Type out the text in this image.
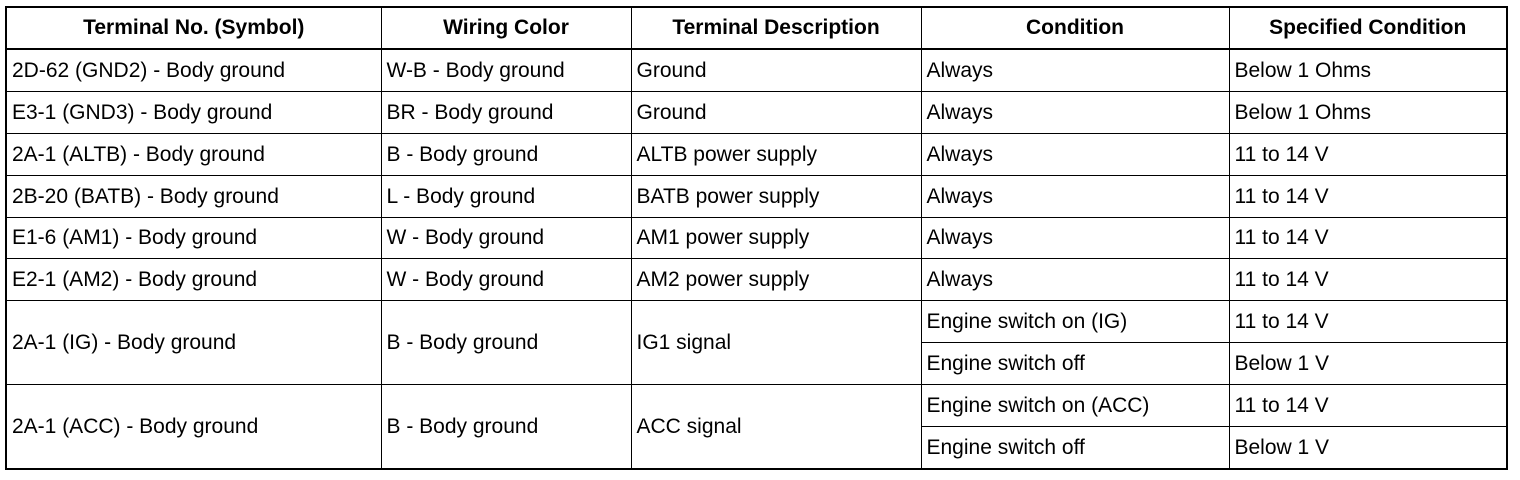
Terminal No. (Symbol)	Wiring Color	Terminal Description	Condition	Specified Condition
2D-62 (GND2) - Body ground	W-B - Body ground	Ground	Always	Below 1 Ohms
E3-1 (GND3) - Body ground	BR - Body ground	Ground	Always	Below 1 Ohms
2A-1 (ALTB) - Body ground	B - Body ground	ALTB power supply	Always	11 to 14 V
2B-20 (BATB) - Body ground	L - Body ground	BATB power supply	Always	11 to 14 V
E1-6 (AM1) - Body ground	W - Body ground	AM1 power supply	Always	11 to 14 V
E2-1 (AM2) - Body ground	W - Body ground	AM2 power supply	Always	11 to 14 V
2A-1 (IG) - Body ground	B - Body ground	IG1 signal	Engine switch on (IG)	11 to 14 V
			Engine switch off	Below 1 V
2A-1 (ACC) - Body ground	B - Body ground	ACC signal	Engine switch on (ACC)	11 to 14 V
			Engine switch off	Below 1 V
